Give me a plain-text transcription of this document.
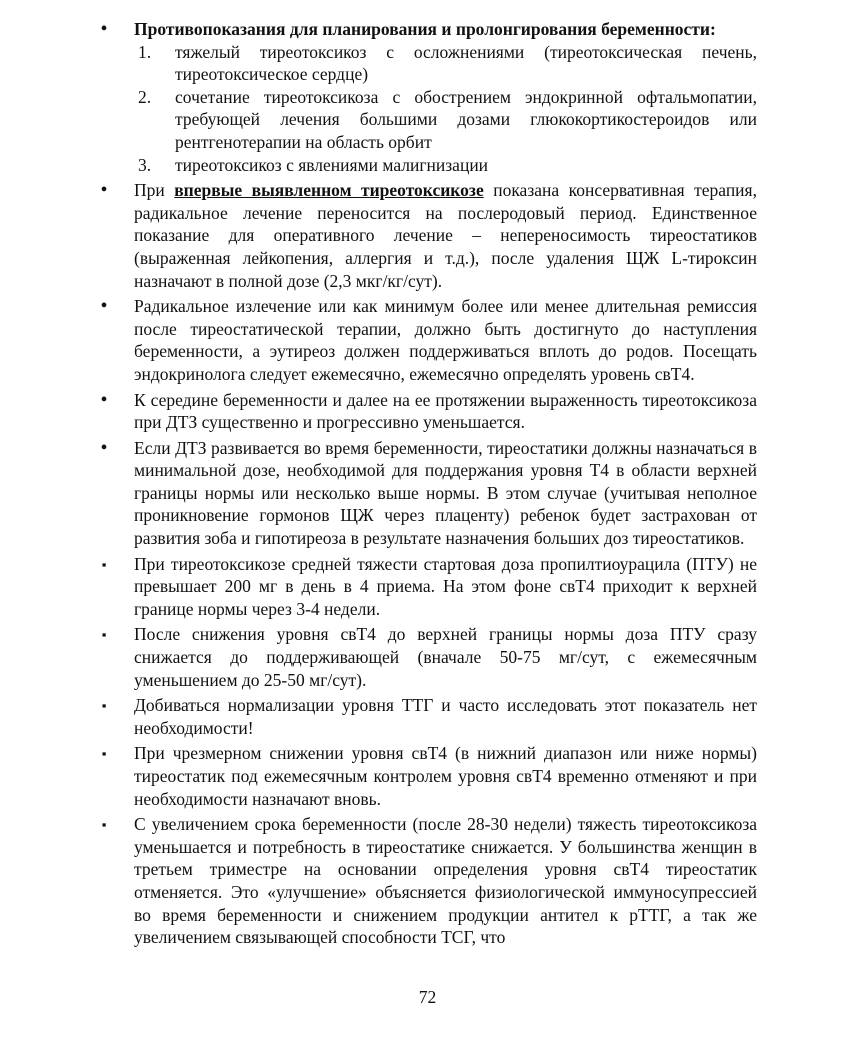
• Противопоказания для планирования и пролонгирования беременности:

1. тяжелый тиреотоксикоз с осложнениями (тиреотоксическая печень, тиреотоксическое сердце)

2. сочетание тиреотоксикоза с обострением эндокринной офтальмопатии, требующей лечения большими дозами глюкокортикостероидов или рентгенотерапии на область орбит

3. тиреотоксикоз с явлениями малигнизации

• При впервые выявленном тиреотоксикозе показана консервативная терапия, радикальное лечение переносится на послеродовый период. Единственное показание для оперативного лечение – непереносимость тиреостатиков (выраженная лейкопения, аллергия и т.д.), после удаления ЩЖ L-тироксин назначают в полной дозе (2,3 мкг/кг/сут).

• Радикальное излечение или как минимум более или менее длительная ремиссия после тиреостатической терапии, должно быть достигнуто до наступления беременности, а эутиреоз должен поддерживаться вплоть до родов. Посещать эндокринолога следует ежемесячно, ежемесячно определять уровень свТ4.

• К середине беременности и далее на ее протяжении выраженность тиреотоксикоза при ДТЗ существенно и прогрессивно уменьшается.

• Если ДТЗ развивается во время беременности, тиреостатики должны назначаться в минимальной дозе, необходимой для поддержания уровня Т4 в области верхней границы нормы или несколько выше нормы. В этом случае (учитывая неполное проникновение гормонов ЩЖ через плаценту) ребенок будет застрахован от развития зоба и гипотиреоза в результате назначения больших доз тиреостатиков.

▪	При тиреотоксикозе средней тяжести стартовая доза пропилтиоурацила (ПТУ) не превышает 200 мг в день в 4 приема. На этом фоне свТ4 приходит к верхней границе нормы через 3-4 недели.

▪	После снижения уровня свТ4 до верхней границы нормы доза ПТУ сразу снижается до поддерживающей (вначале 50-75 мг/сут, с ежемесячным уменьшением до 25-50 мг/сут).

▪	Добиваться нормализации уровня ТТГ и часто исследовать этот показатель нет необходимости!

▪	При чрезмерном снижении уровня свТ4 (в нижний диапазон или ниже нормы) тиреостатик под ежемесячным контролем уровня свТ4 временно отменяют и при необходимости назначают вновь.

▪	С увеличением срока беременности (после 28-30 недели) тяжесть тиреотоксикоза уменьшается и потребность в тиреостатике снижается. У большинства женщин в третьем триместре на основании определения уровня свТ4 тиреостатик отменяется. Это «улучшение» объясняется физиологической иммуносупрессией во время беременности и снижением продукции антител к рТТГ, а так же увеличением связывающей способности ТСГ, что

72
